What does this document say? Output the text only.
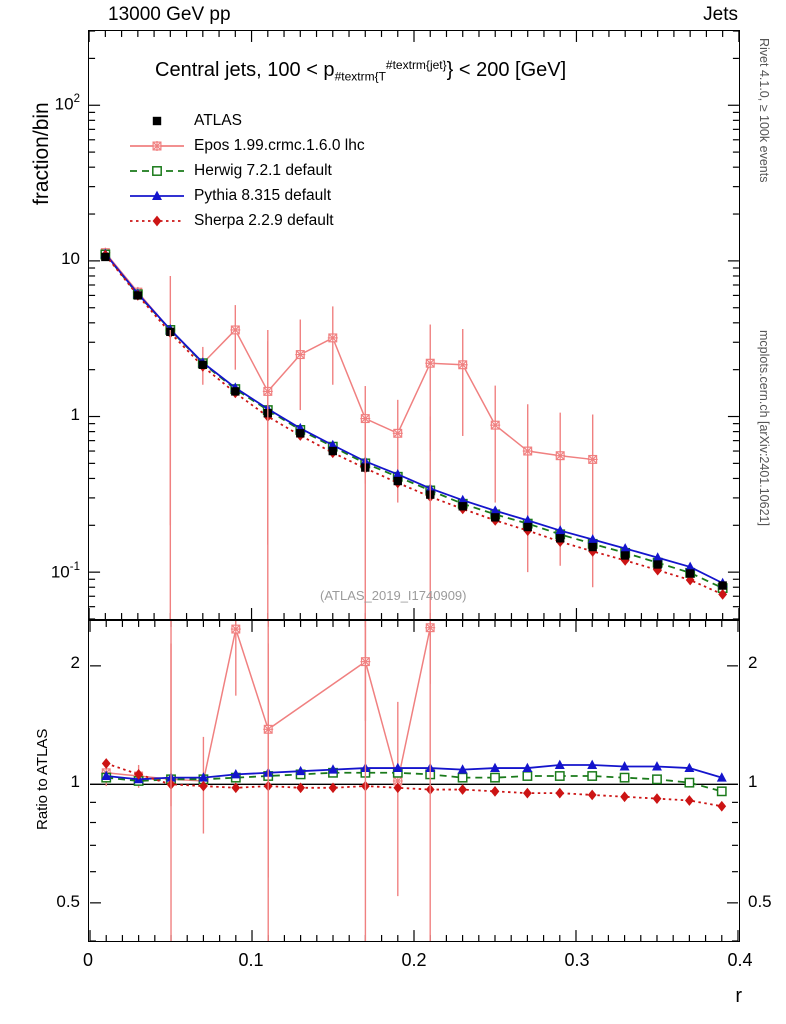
13000 GeV pp	Jets
Rivet 4.1.0, ≥ 100k events
mcplots.cern.ch [arXiv:2401.10621]
fraction/bin
Ratio to ATLAS
r
Central jets, $100 < p_{\#textrm\{T}^{\#textrm\{jet\}}\} < 200$ [GeV]
(ATLAS_2019_I1740909)
ATLAS
Epos 1.99.crmc.1.6.0 lhc
Herwig 7.2.1 default
Pythia 8.315 default
Sherpa 2.2.9 default
$10^2$
10
1
$10^{-1}$
2	2
1	1
0.5	0.5
0	0.1	0.2	0.3	0.4
